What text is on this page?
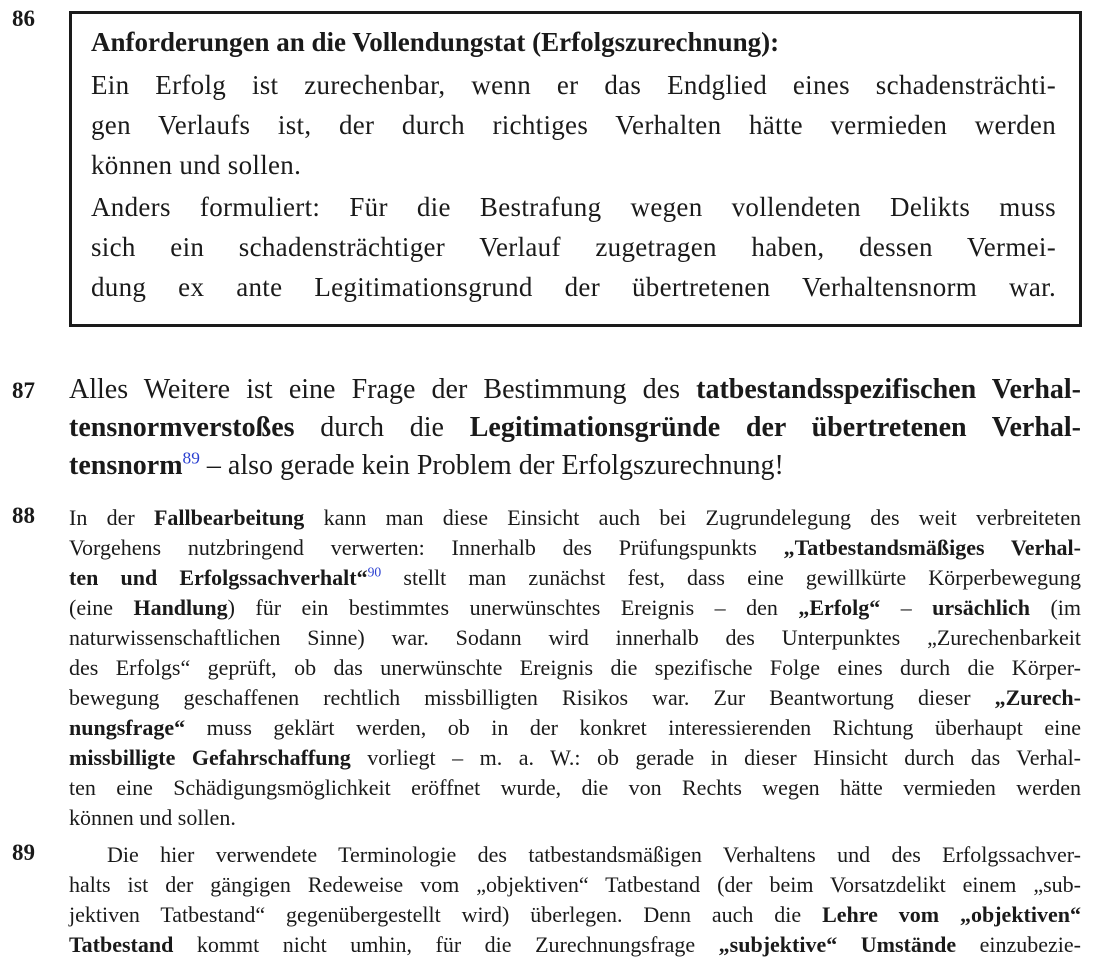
86
87
88
89
Anforderungen an die Vollendungstat (Erfolgszurechnung):
Ein Erfolg ist zurechenbar, wenn er das Endglied eines schadensträchti-
gen Verlaufs ist, der durch richtiges Verhalten hätte vermieden werden
können und sollen.
Anders formuliert: Für die Bestrafung wegen vollendeten Delikts muss
sich ein schadensträchtiger Verlauf zugetragen haben, dessen Vermei-
dung ex ante Legitimationsgrund der übertretenen Verhaltensnorm war.
Alles Weitere ist eine Frage der Bestimmung des tatbestandsspezifischen Verhal-
tensnormverstoßes durch die Legitimationsgründe der übertretenen Verhal-
tensnorm$^{89}$ – also gerade kein Problem der Erfolgszurechnung!
In der Fallbearbeitung kann man diese Einsicht auch bei Zugrundelegung des weit verbreiteten
Vorgehens nutzbringend verwerten: Innerhalb des Prüfungspunkts „Tatbestandsmäßiges Verhal-
ten und Erfolgssachverhalt“$^{90}$ stellt man zunächst fest, dass eine gewillkürte Körperbewegung
(eine Handlung) für ein bestimmtes unerwünschtes Ereignis – den „Erfolg“ – ursächlich (im
naturwissenschaftlichen Sinne) war. Sodann wird innerhalb des Unterpunktes „Zurechenbarkeit
des Erfolgs“ geprüft, ob das unerwünschte Ereignis die spezifische Folge eines durch die Körper-
bewegung geschaffenen rechtlich missbilligten Risikos war. Zur Beantwortung dieser „Zurech-
nungsfrage“ muss geklärt werden, ob in der konkret interessierenden Richtung überhaupt eine
missbilligte Gefahrschaffung vorliegt – m. a. W.: ob gerade in dieser Hinsicht durch das Verhal-
ten eine Schädigungsmöglichkeit eröffnet wurde, die von Rechts wegen hätte vermieden werden
können und sollen.
Die hier verwendete Terminologie des tatbestandsmäßigen Verhaltens und des Erfolgssachver-
halts ist der gängigen Redeweise vom „objektiven“ Tatbestand (der beim Vorsatzdelikt einem „sub-
jektiven Tatbestand“ gegenübergestellt wird) überlegen. Denn auch die Lehre vom „objektiven“
Tatbestand kommt nicht umhin, für die Zurechnungsfrage „subjektive“ Umstände einzubezie-
